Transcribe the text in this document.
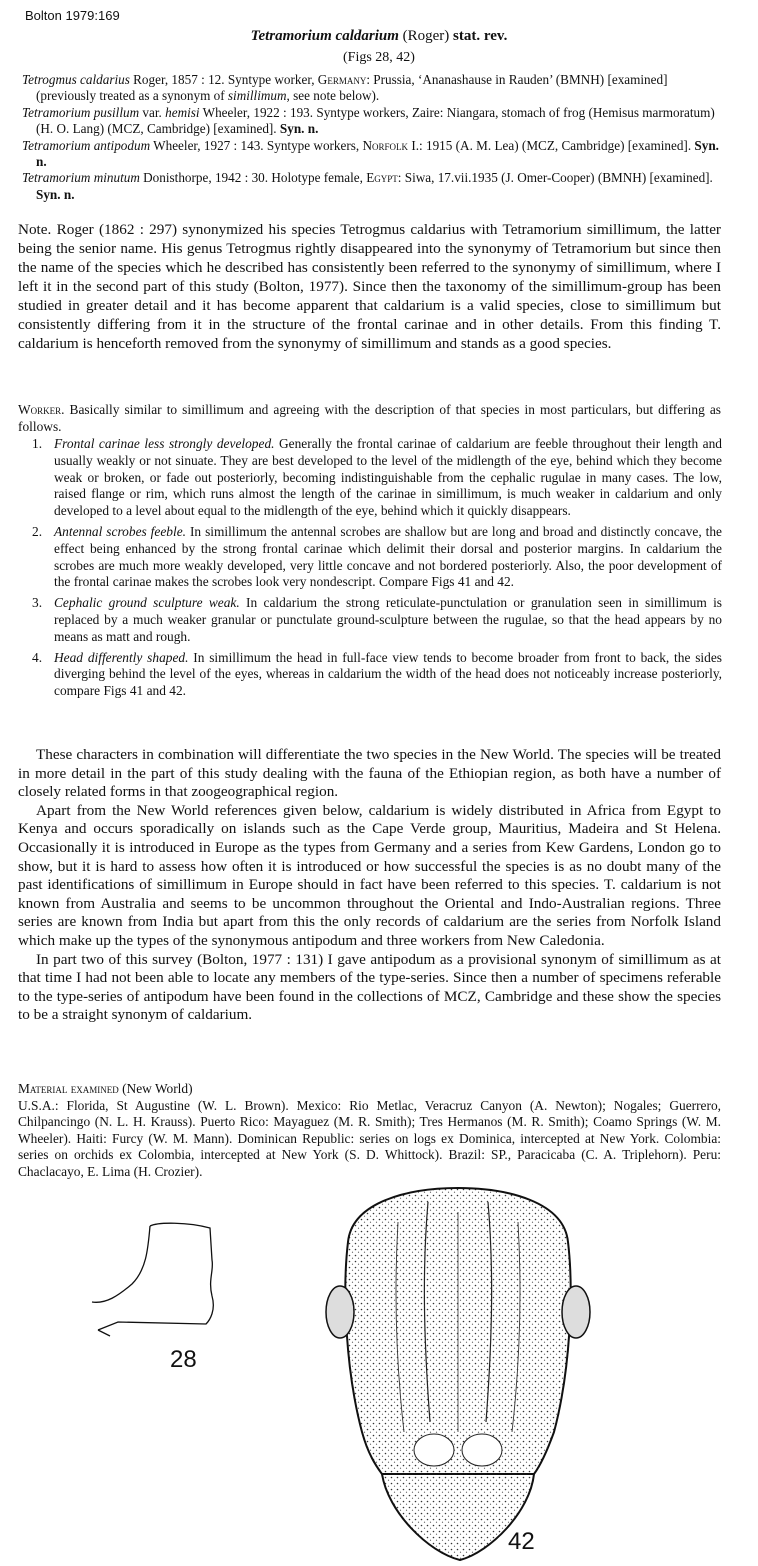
Bolton 1979:169
Tetramorium caldarium (Roger) stat. rev.
(Figs 28, 42)
Tetrogmus caldarius Roger, 1857 : 12. Syntype worker, Germany: Prussia, ‘Ananashause in Rauden’ (BMNH) [examined] (previously treated as a synonym of simillimum, see note below).
Tetramorium pusillum var. hemisi Wheeler, 1922 : 193. Syntype workers, Zaire: Niangara, stomach of frog (Hemisus marmoratum) (H. O. Lang) (MCZ, Cambridge) [examined]. Syn. n.
Tetramorium antipodum Wheeler, 1927 : 143. Syntype workers, Norfolk I.: 1915 (A. M. Lea) (MCZ, Cambridge) [examined]. Syn. n.
Tetramorium minutum Donisthorpe, 1942 : 30. Holotype female, Egypt: Siwa, 17.vii.1935 (J. Omer-Cooper) (BMNH) [examined]. Syn. n.

Note. Roger (1862 : 297) synonymized his species Tetrogmus caldarius with Tetramorium simillimum, the latter being the senior name. His genus Tetrogmus rightly disappeared into the synonymy of Tetramorium but since then the name of the species which he described has consistently been referred to the synonymy of simillimum, where I left it in the second part of this study (Bolton, 1977). Since then the taxonomy of the simillimum-group has been studied in greater detail and it has become apparent that caldarium is a valid species, close to simillimum but consistently differing from it in the structure of the frontal carinae and in other details. From this finding T. caldarium is henceforth removed from the synonymy of simillimum and stands as a good species.

Worker. Basically similar to simillimum and agreeing with the description of that species in most particulars, but differing as follows.

1. Frontal carinae less strongly developed. Generally the frontal carinae of caldarium are feeble throughout their length and usually weakly or not sinuate. They are best developed to the level of the midlength of the eye, behind which they become weak or broken, or fade out posteriorly, becoming indistinguishable from the cephalic rugulae in many cases. The low, raised flange or rim, which runs almost the length of the carinae in simillimum, is much weaker in caldarium and only developed to a level about equal to the midlength of the eye, behind which it quickly disappears.
2. Antennal scrobes feeble. In simillimum the antennal scrobes are shallow but are long and broad and distinctly concave, the effect being enhanced by the strong frontal carinae which delimit their dorsal and posterior margins. In caldarium the scrobes are much more weakly developed, very little concave and not bordered posteriorly. Also, the poor development of the frontal carinae makes the scrobes look very nondescript. Compare Figs 41 and 42.
3. Cephalic ground sculpture weak. In caldarium the strong reticulate-punctulation or granulation seen in simillimum is replaced by a much weaker granular or punctulate ground-sculpture between the rugulae, so that the head appears by no means as matt and rough.
4. Head differently shaped. In simillimum the head in full-face view tends to become broader from front to back, the sides diverging behind the level of the eyes, whereas in caldarium the width of the head does not noticeably increase posteriorly, compare Figs 41 and 42.

These characters in combination will differentiate the two species in the New World. The species will be treated in more detail in the part of this study dealing with the fauna of the Ethiopian region, as both have a number of closely related forms in that zoogeographical region.

Apart from the New World references given below, caldarium is widely distributed in Africa from Egypt to Kenya and occurs sporadically on islands such as the Cape Verde group, Mauritius, Madeira and St Helena. Occasionally it is introduced in Europe as the types from Germany and a series from Kew Gardens, London go to show, but it is hard to assess how often it is introduced or how successful the species is as no doubt many of the past identifications of simillimum in Europe should in fact have been referred to this species. T. caldarium is not known from Australia and seems to be uncommon throughout the Oriental and Indo-Australian regions. Three series are known from India but apart from this the only records of caldarium are the series from Norfolk Island which make up the types of the synonymous antipodum and three workers from New Caledonia.

In part two of this survey (Bolton, 1977 : 131) I gave antipodum as a provisional synonym of simillimum as at that time I had not been able to locate any members of the type-series. Since then a number of specimens referable to the type-series of antipodum have been found in the collections of MCZ, Cambridge and these show the species to be a straight synonym of caldarium.

Material examined (New World)
U.S.A.: Florida, St Augustine (W. L. Brown). Mexico: Rio Metlac, Veracruz Canyon (A. Newton); Nogales; Guerrero, Chilpancingo (N. L. H. Krauss). Puerto Rico: Mayaguez (M. R. Smith); Tres Hermanos (M. R. Smith); Coamo Springs (W. M. Wheeler). Haiti: Furcy (W. M. Mann). Dominican Republic: series on logs ex Dominica, intercepted at New York. Colombia: series on orchids ex Colombia, intercepted at New York (S. D. Whittock). Brazil: SP., Paracicaba (C. A. Triplehorn). Peru: Chaclacayo, E. Lima (H. Crozier).
28
42
